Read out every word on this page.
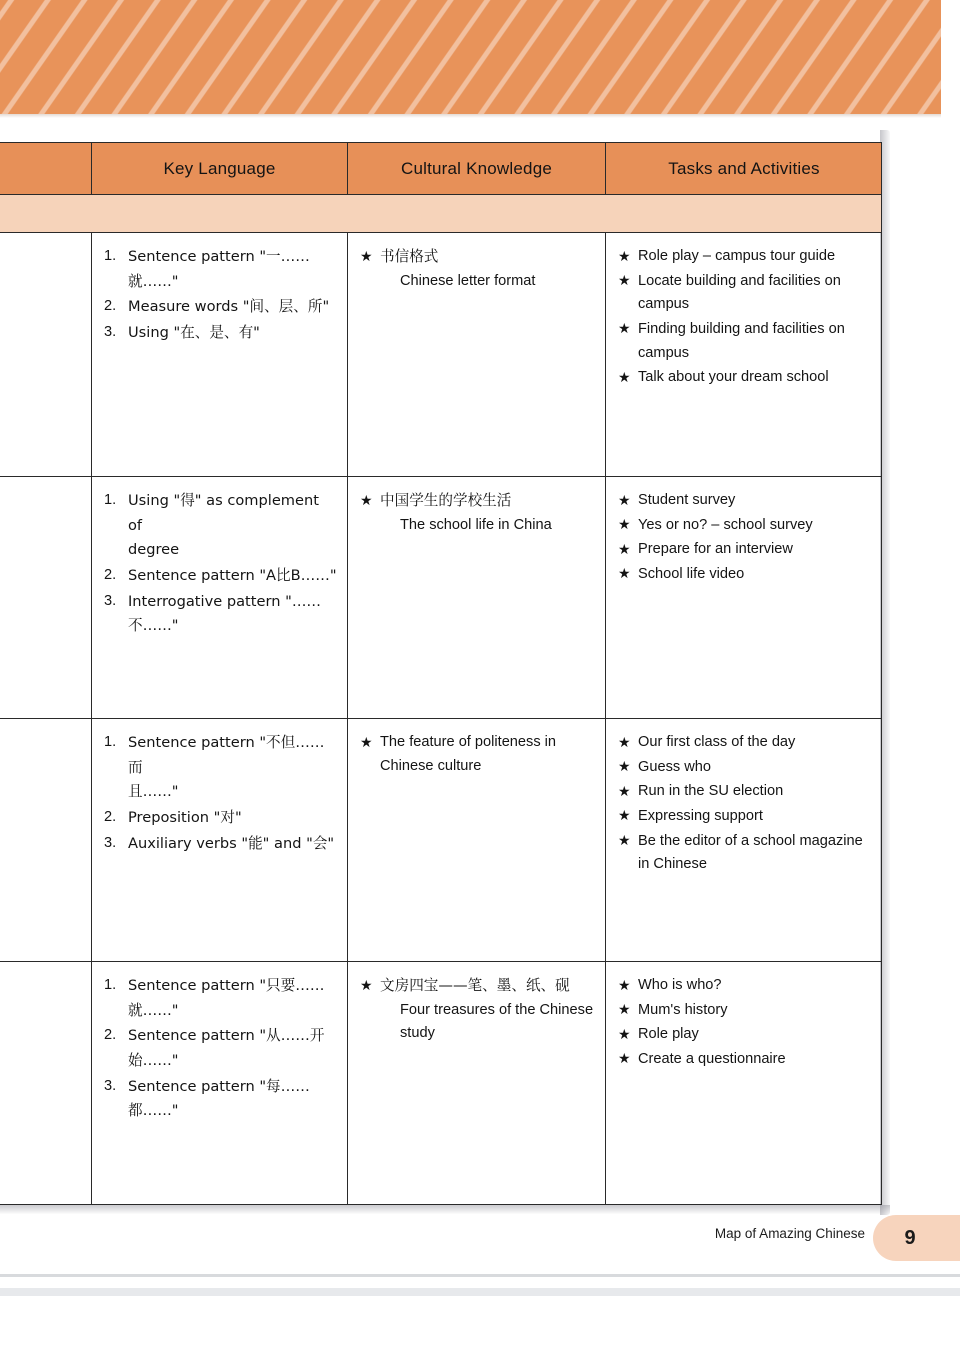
Key Language	Cultural Knowledge	Tasks and Activities
1. Sentence pattern "一……
就……"
2. Measure words "间、层、所"
3. Using "在、是、有"
★ 书信格式
Chinese letter format
★ Role play – campus tour guide
★ Locate building and facilities on campus
★ Finding building and facilities on campus
★ Talk about your dream school
1. Using "得" as complement of
degree
2. Sentence pattern "A比B……"
3. Interrogative pattern "……
不……"
★ 中国学生的学校生活
The school life in China
★ Student survey
★ Yes or no? – school survey
★ Prepare for an interview
★ School life video
1. Sentence pattern "不但……而
且……"
2. Preposition "对"
3. Auxiliary verbs "能" and "会"
★ The feature of politeness in Chinese culture
★ Our first class of the day
★ Guess who
★ Run in the SU election
★ Expressing support
★ Be the editor of a school magazine in Chinese
1. Sentence pattern "只要……
就……"
2. Sentence pattern "从……开
始……"
3. Sentence pattern "每……
都……"
★ 文房四宝——笔、墨、纸、砚
Four treasures of the Chinese study
★ Who is who?
★ Mum's history
★ Role play
★ Create a questionnaire
9
Map of Amazing Chinese
